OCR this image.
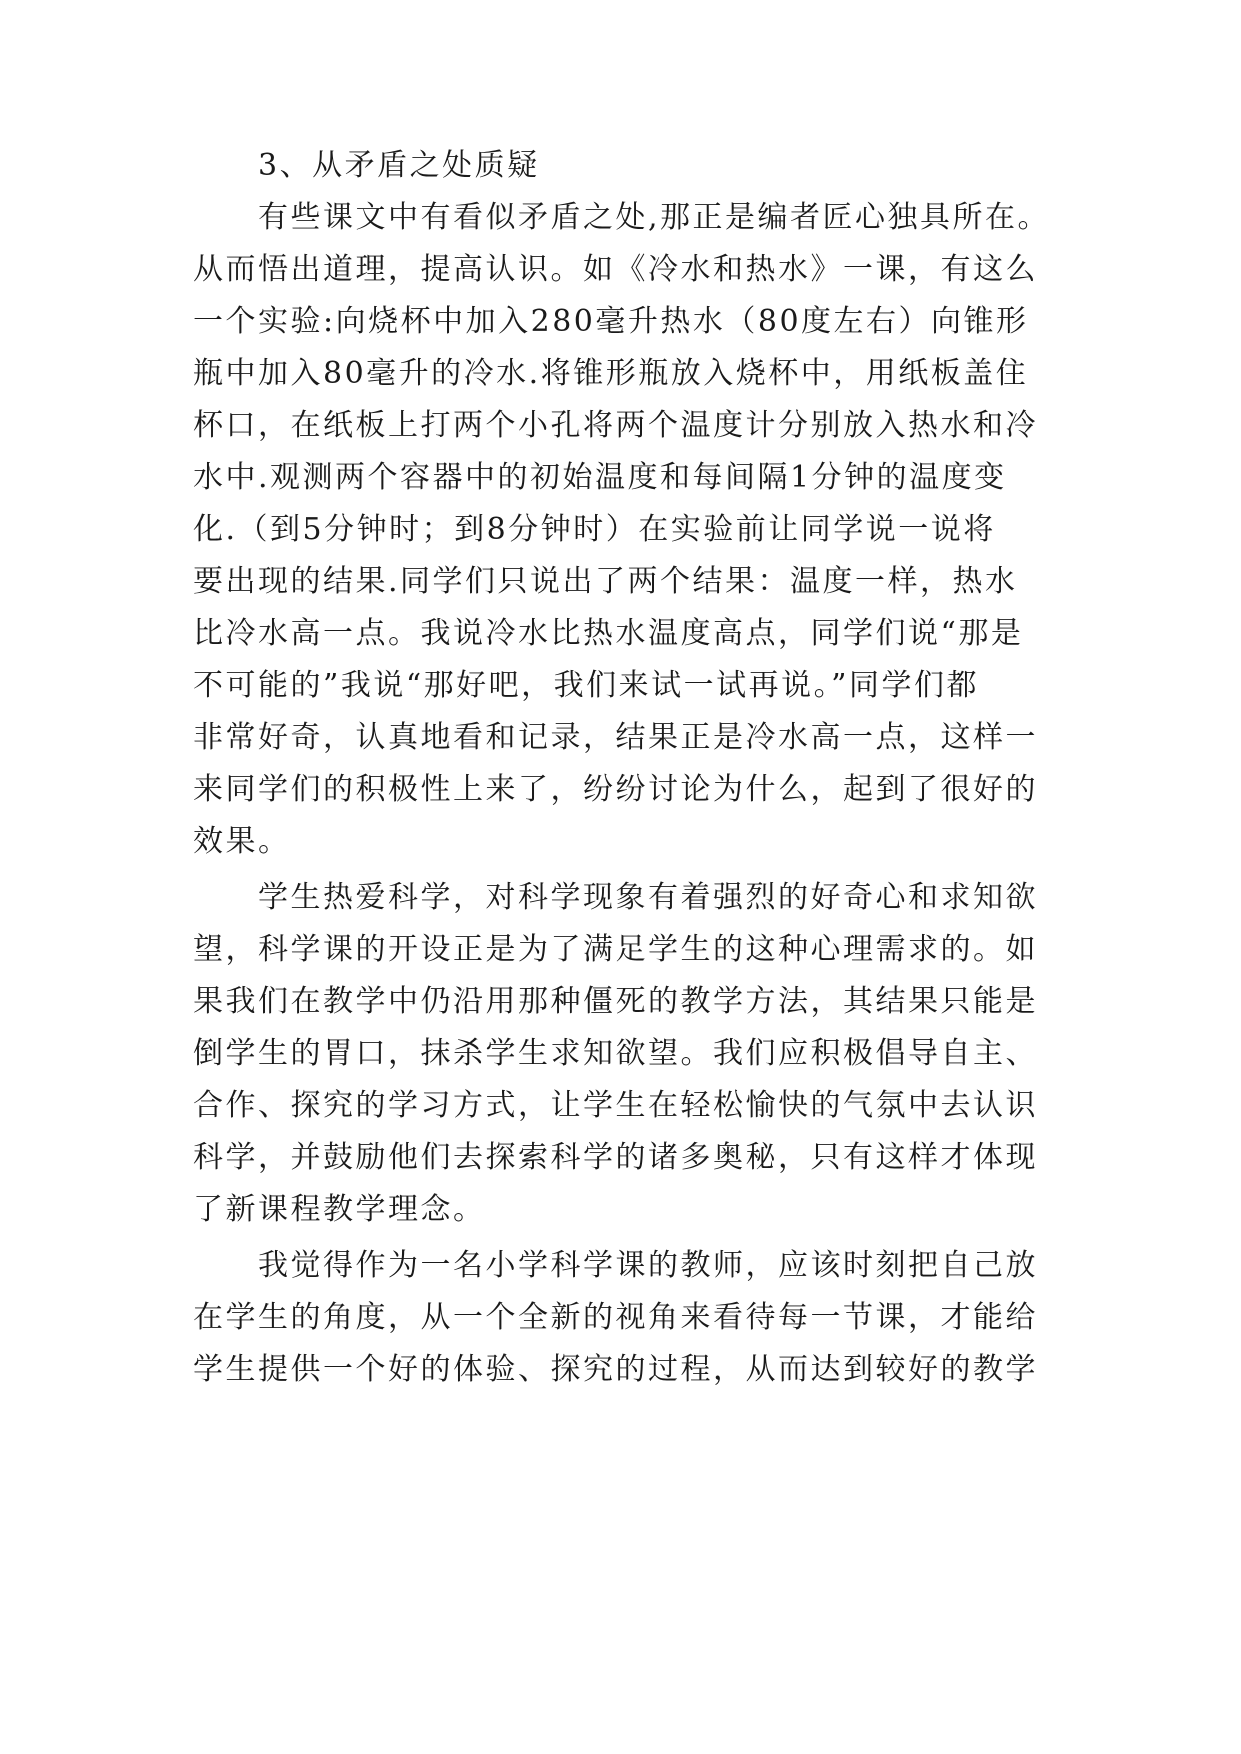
　　3、从矛盾之处质疑

　　有些课文中有看似矛盾之处,那正是编者匠心独具所在。

从而悟出道理，提高认识。如《冷水和热水》一课，有这么

一个实验:向烧杯中加入280毫升热水（80度左右）向锥形

瓶中加入80毫升的冷水.将锥形瓶放入烧杯中，用纸板盖住

杯口，在纸板上打两个小孔将两个温度计分别放入热水和冷

水中.观测两个容器中的初始温度和每间隔1分钟的温度变

化.（到5分钟时；到8分钟时）在实验前让同学说一说将

要出现的结果.同学们只说出了两个结果：温度一样，热水

比冷水高一点。我说冷水比热水温度高点，同学们说“那是

不可能的”我说“那好吧，我们来试一试再说。”同学们都

非常好奇，认真地看和记录，结果正是冷水高一点，这样一

来同学们的积极性上来了，纷纷讨论为什么，起到了很好的

效果。

　　学生热爱科学，对科学现象有着强烈的好奇心和求知欲

望，科学课的开设正是为了满足学生的这种心理需求的。如

果我们在教学中仍沿用那种僵死的教学方法，其结果只能是

倒学生的胃口，抹杀学生求知欲望。我们应积极倡导自主、

合作、探究的学习方式，让学生在轻松愉快的气氛中去认识

科学，并鼓励他们去探索科学的诸多奥秘，只有这样才体现

了新课程教学理念。

　　我觉得作为一名小学科学课的教师，应该时刻把自己放

在学生的角度，从一个全新的视角来看待每一节课，才能给

学生提供一个好的体验、探究的过程，从而达到较好的教学
